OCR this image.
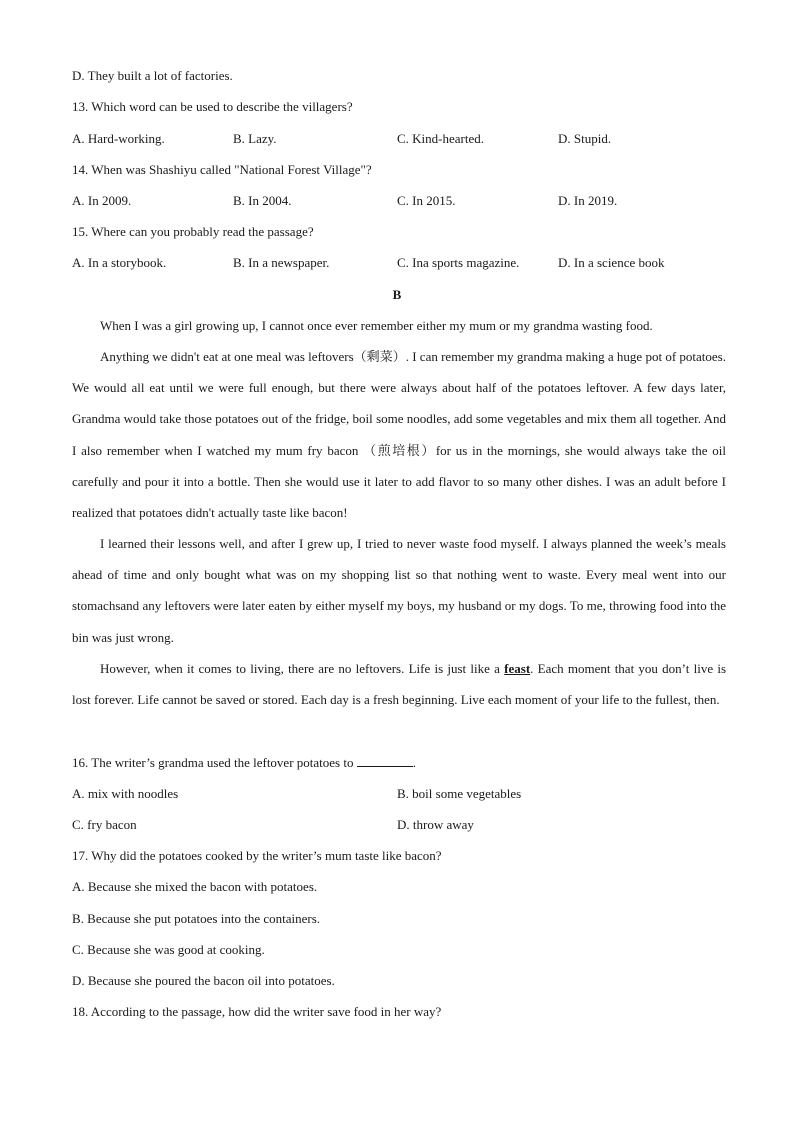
D. They built a lot of factories.
13. Which word can be used to describe the villagers?
A. Hard-working.	B. Lazy.	C. Kind-hearted.	D. Stupid.
14. When was Shashiyu called "National Forest Village"?
A. In 2009.	B. In 2004.	C. In 2015.	D. In 2019.
15. Where can you probably read the passage?
A. In a storybook.	B. In a newspaper.	C. Ina sports magazine.	D. In a science book
B
When I was a girl growing up, I cannot once ever remember either my mum or my grandma wasting food.
Anything we didn't eat at one meal was leftovers（剩菜）. I can remember my grandma making a huge pot of potatoes. We would all eat until we were full enough, but there were always about half of the potatoes leftover. A few days later, Grandma would take those potatoes out of the fridge, boil some noodles, add some vegetables and mix them all together. And I also remember when I watched my mum fry bacon （煎培根）for us in the mornings, she would always take the oil carefully and pour it into a bottle. Then she would use it later to add flavor to so many other dishes. I was an adult before I realized that potatoes didn't actually taste like bacon!
I learned their lessons well, and after I grew up, I tried to never waste food myself. I always planned the week’s meals ahead of time and only bought what was on my shopping list so that nothing went to waste. Every meal went into our stomachsand any leftovers were later eaten by either myself my boys, my husband or my dogs. To me, throwing food into the bin was just wrong.
However, when it comes to living, there are no leftovers. Life is just like a feast. Each moment that you don’t live is lost forever. Life cannot be saved or stored. Each day is a fresh beginning. Live each moment of your life to the fullest, then.
16. The writer’s grandma used the leftover potatoes to	.
A. mix with noodles	B. boil some vegetables
C. fry bacon	D. throw away
17. Why did the potatoes cooked by the writer’s mum taste like bacon?
A. Because she mixed the bacon with potatoes.
B. Because she put potatoes into the containers.
C. Because she was good at cooking.
D. Because she poured the bacon oil into potatoes.
18. According to the passage, how did the writer save food in her way?
